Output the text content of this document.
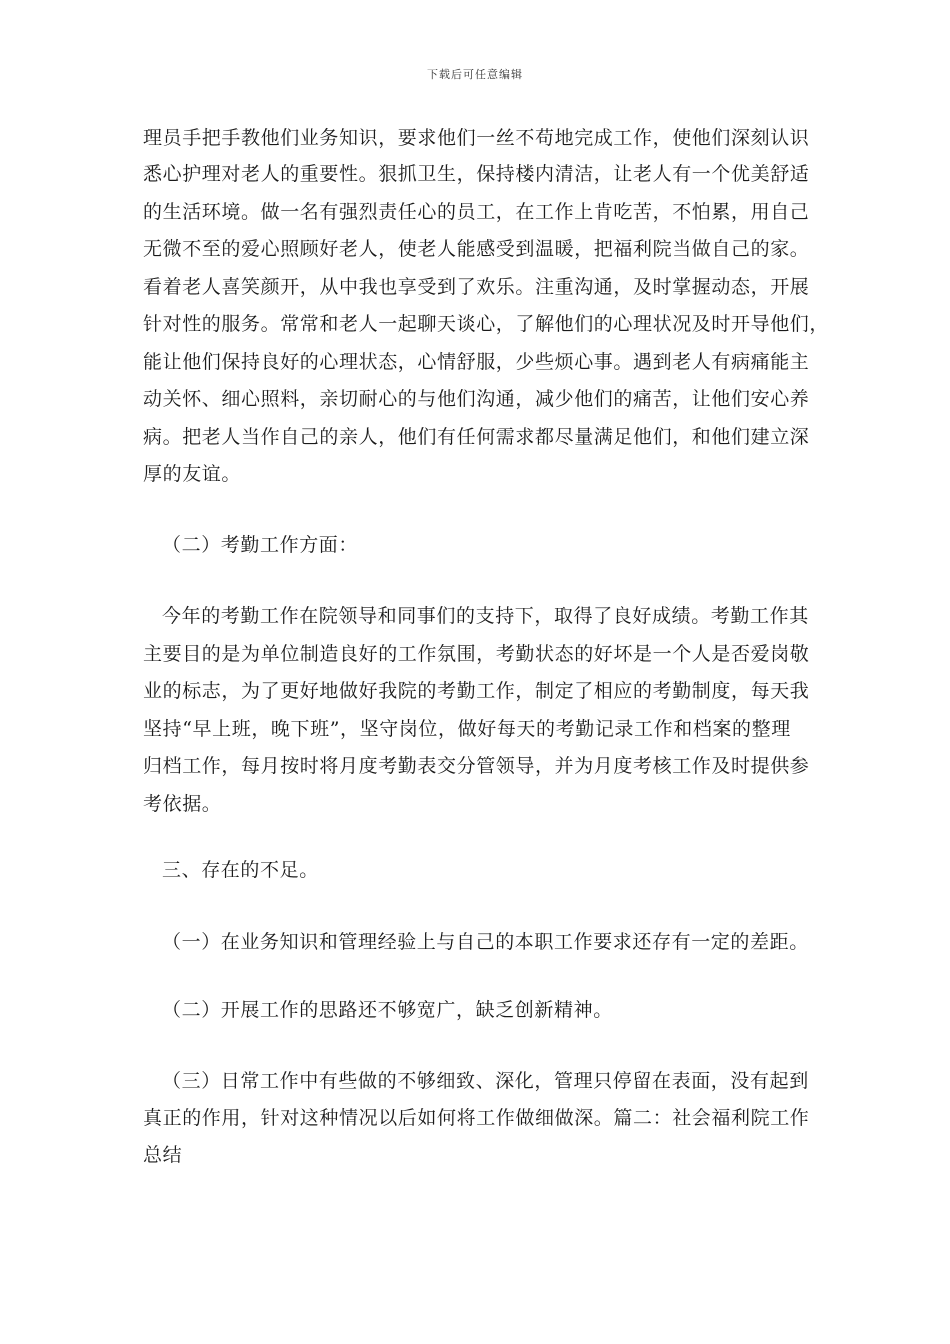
下载后可任意编辑
理员手把手教他们业务知识，要求他们一丝不苟地完成工作，使他们深刻认识
悉心护理对老人的重要性。狠抓卫生，保持楼内清洁，让老人有一个优美舒适
的生活环境。做一名有强烈责任心的员工，在工作上肯吃苦，不怕累，用自己
无微不至的爱心照顾好老人，使老人能感受到温暖，把福利院当做自己的家。
看着老人喜笑颜开，从中我也享受到了欢乐。注重沟通，及时掌握动态，开展
针对性的服务。常常和老人一起聊天谈心，了解他们的心理状况及时开导他们，
能让他们保持良好的心理状态，心情舒服，少些烦心事。遇到老人有病痛能主
动关怀、细心照料，亲切耐心的与他们沟通，减少他们的痛苦，让他们安心养
病。把老人当作自己的亲人，他们有任何需求都尽量满足他们，和他们建立深
厚的友谊。
（二）考勤工作方面：
今年的考勤工作在院领导和同事们的支持下，取得了良好成绩。考勤工作其
主要目的是为单位制造良好的工作氛围，考勤状态的好坏是一个人是否爱岗敬
业的标志，为了更好地做好我院的考勤工作，制定了相应的考勤制度，每天我
坚持“早上班，晚下班”，坚守岗位，做好每天的考勤记录工作和档案的整理
归档工作，每月按时将月度考勤表交分管领导，并为月度考核工作及时提供参
考依据。
三、存在的不足。
（一）在业务知识和管理经验上与自己的本职工作要求还存有一定的差距。
（二）开展工作的思路还不够宽广，缺乏创新精神。
（三）日常工作中有些做的不够细致、深化，管理只停留在表面，没有起到
真正的作用，针对这种情况以后如何将工作做细做深。篇二：社会福利院工作
总结
